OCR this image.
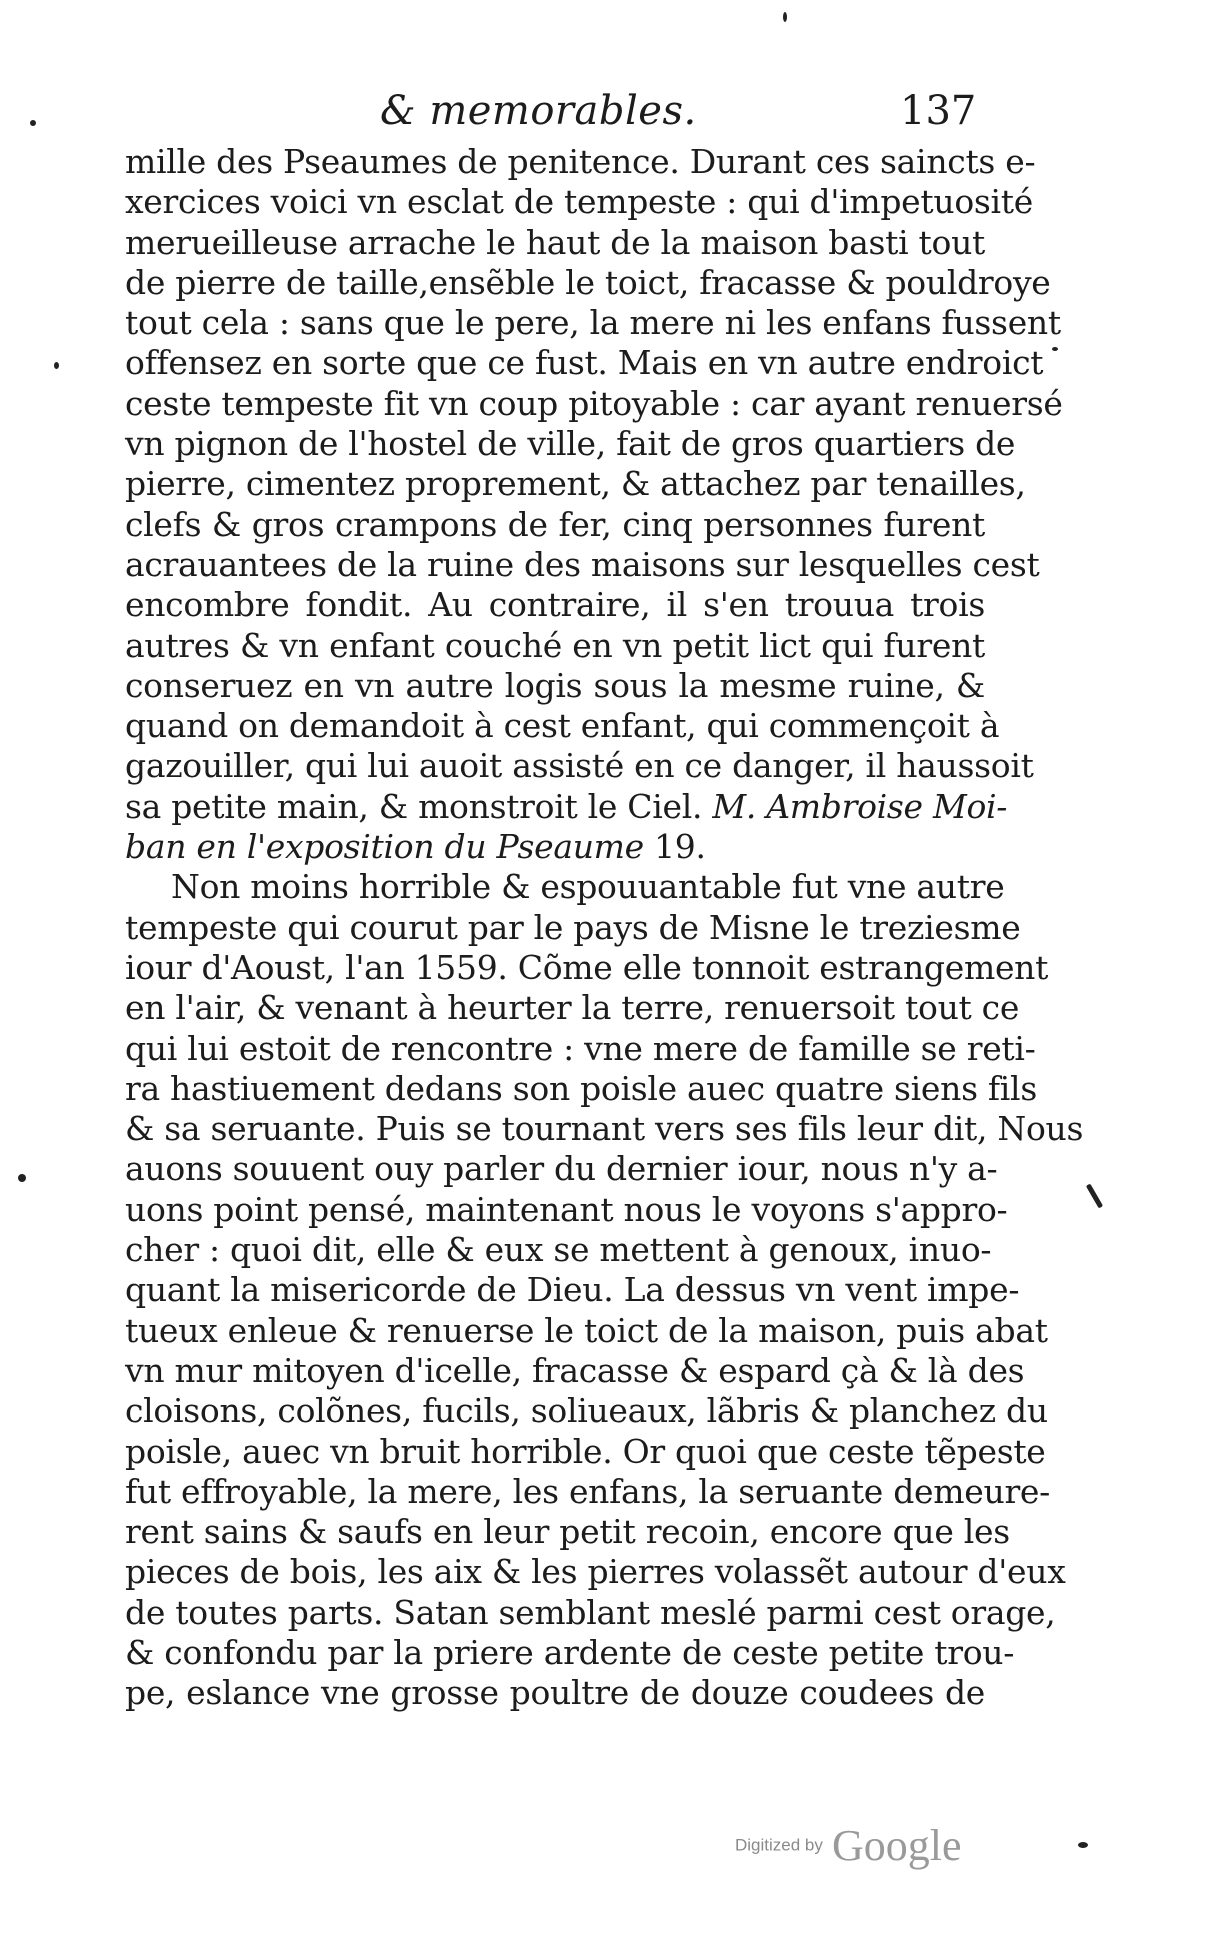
& memorables.	137
mille des Pseaumes de penitence. Durant ces saincts e-
xercices voici vn esclat de tempeste : qui d'impetuosité
merueilleuse arrache le haut de la maison basti tout
de pierre de taille,ensẽble le toict, fracasse & pouldroye
tout cela : sans que le pere, la mere ni les enfans fussent
offensez en sorte que ce fust. Mais en vn autre endroict
ceste tempeste fit vn coup pitoyable : car ayant renuersé
vn pignon de l'hostel de ville, fait de gros quartiers de
pierre, cimentez proprement, & attachez par tenailles,
clefs & gros crampons de fer, cinq personnes furent
acrauantees de la ruine des maisons sur lesquelles cest
encombre fondit. Au contraire, il s'en trouua trois
autres & vn enfant couché en vn petit lict qui furent
conseruez en vn autre logis sous la mesme ruine, &
quand on demandoit à cest enfant, qui commençoit à
gazouiller, qui lui auoit assisté en ce danger, il haussoit
sa petite main, & monstroit le Ciel. M. Ambroise Moi-
ban en l'exposition du Pseaume 19.
Non moins horrible & espouuantable fut vne autre
tempeste qui courut par le pays de Misne le treziesme
iour d'Aoust, l'an 1559. Cõme elle tonnoit estrangement
en l'air, & venant à heurter la terre, renuersoit tout ce
qui lui estoit de rencontre : vne mere de famille se reti-
ra hastiuement dedans son poisle auec quatre siens fils
& sa seruante. Puis se tournant vers ses fils leur dit, Nous
auons souuent ouy parler du dernier iour, nous n'y a-
uons point pensé, maintenant nous le voyons s'appro-
cher : quoi dit, elle & eux se mettent à genoux, inuo-
quant la misericorde de Dieu. La dessus vn vent impe-
tueux enleue & renuerse le toict de la maison, puis abat
vn mur mitoyen d'icelle, fracasse & espard çà & là des
cloisons, colõnes, fucils, soliueaux, lãbris & planchez du
poisle, auec vn bruit horrible. Or quoi que ceste tẽpeste
fut effroyable, la mere, les enfans, la seruante demeure-
rent sains & saufs en leur petit recoin, encore que les
pieces de bois, les aix & les pierres volassẽt autour d'eux
de toutes parts. Satan semblant meslé parmi cest orage,
& confondu par la priere ardente de ceste petite trou-
pe, eslance vne grosse poultre de douze coudees de
Digitized by Google
